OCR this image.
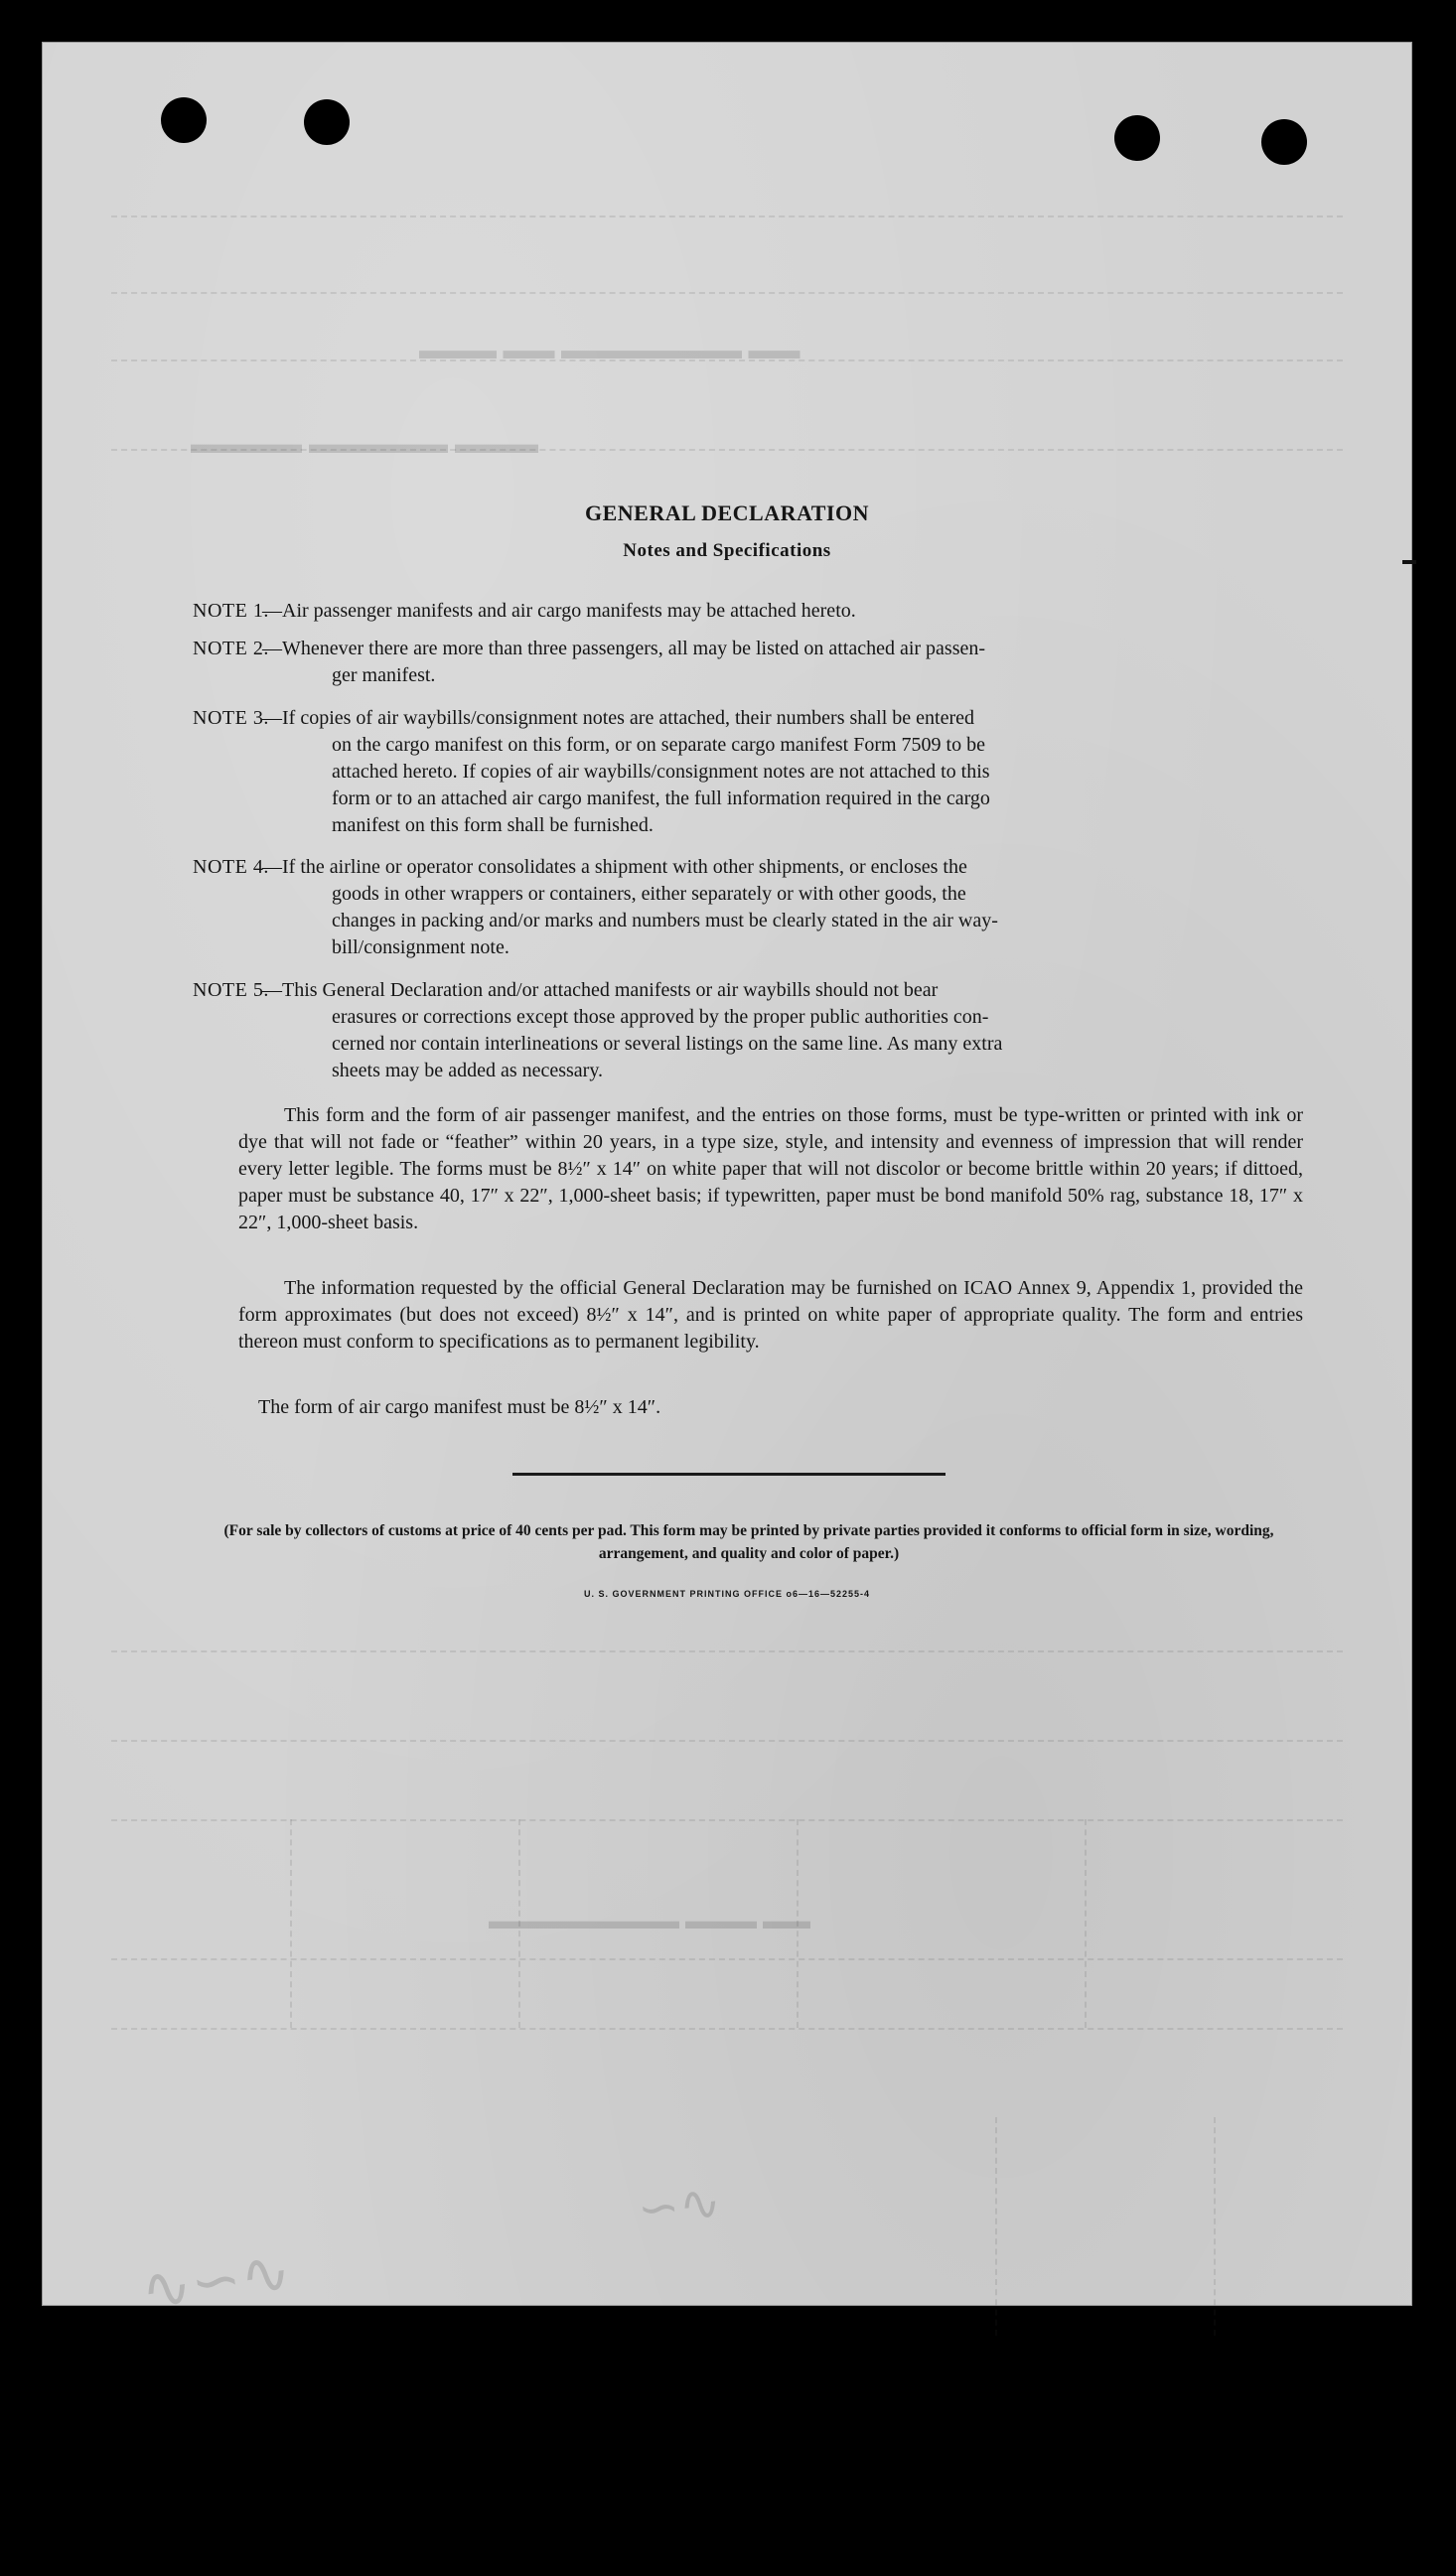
▬▬ ▬▬▬▬▬▬▬ ▬▬ ▬▬▬
▬▬▬ ▬▬▬▬▬ ▬▬▬▬
▬▬ ▬▬▬ ▬▬▬▬▬▬▬▬
∿∽∿
∽∿
GENERAL DECLARATION
Notes and Specifications
NOTE 1.
—Air passenger manifests and air cargo manifests may be attached hereto.
NOTE 2.
—Whenever there are more than three passengers, all may be listed on attached air passen-
ger manifest.
NOTE 3.
—If copies of air waybills/consignment notes are attached, their numbers shall be entered
on the cargo manifest on this form, or on separate cargo manifest Form 7509 to be
attached hereto. If copies of air waybills/consignment notes are not attached to this
form or to an attached air cargo manifest, the full information required in the cargo
manifest on this form shall be furnished.
NOTE 4.
—If the airline or operator consolidates a shipment with other shipments, or encloses the
goods in other wrappers or containers, either separately or with other goods, the
changes in packing and/or marks and numbers must be clearly stated in the air way-
bill/consignment note.
NOTE 5.
—This General Declaration and/or attached manifests or air waybills should not bear
erasures or corrections except those approved by the proper public authorities con-
cerned nor contain interlineations or several listings on the same line. As many extra
sheets may be added as necessary.
This form and the form of air passenger manifest, and the entries on those forms, must be type-written or printed with ink or dye that will not fade or “feather” within 20 years, in a type size, style, and intensity and evenness of impression that will render every letter legible. The forms must be 8½″ x 14″ on white paper that will not discolor or become brittle within 20 years; if dittoed, paper must be substance 40, 17″ x 22″, 1,000-sheet basis; if typewritten, paper must be bond manifold 50% rag, substance 18, 17″ x 22″, 1,000-sheet basis.
The information requested by the official General Declaration may be furnished on ICAO Annex 9, Appendix 1, provided the form approximates (but does not exceed) 8½″ x 14″, and is printed on white paper of appropriate quality. The form and entries thereon must conform to specifications as to permanent legibility.
The form of air cargo manifest must be 8½″ x 14″.
(For sale by collectors of customs at price of 40 cents per pad. This form may be printed by private parties provided it conforms to official form in size, wording, arrangement, and quality and color of paper.)
U. S. GOVERNMENT PRINTING OFFICE o6—16—52255-4
